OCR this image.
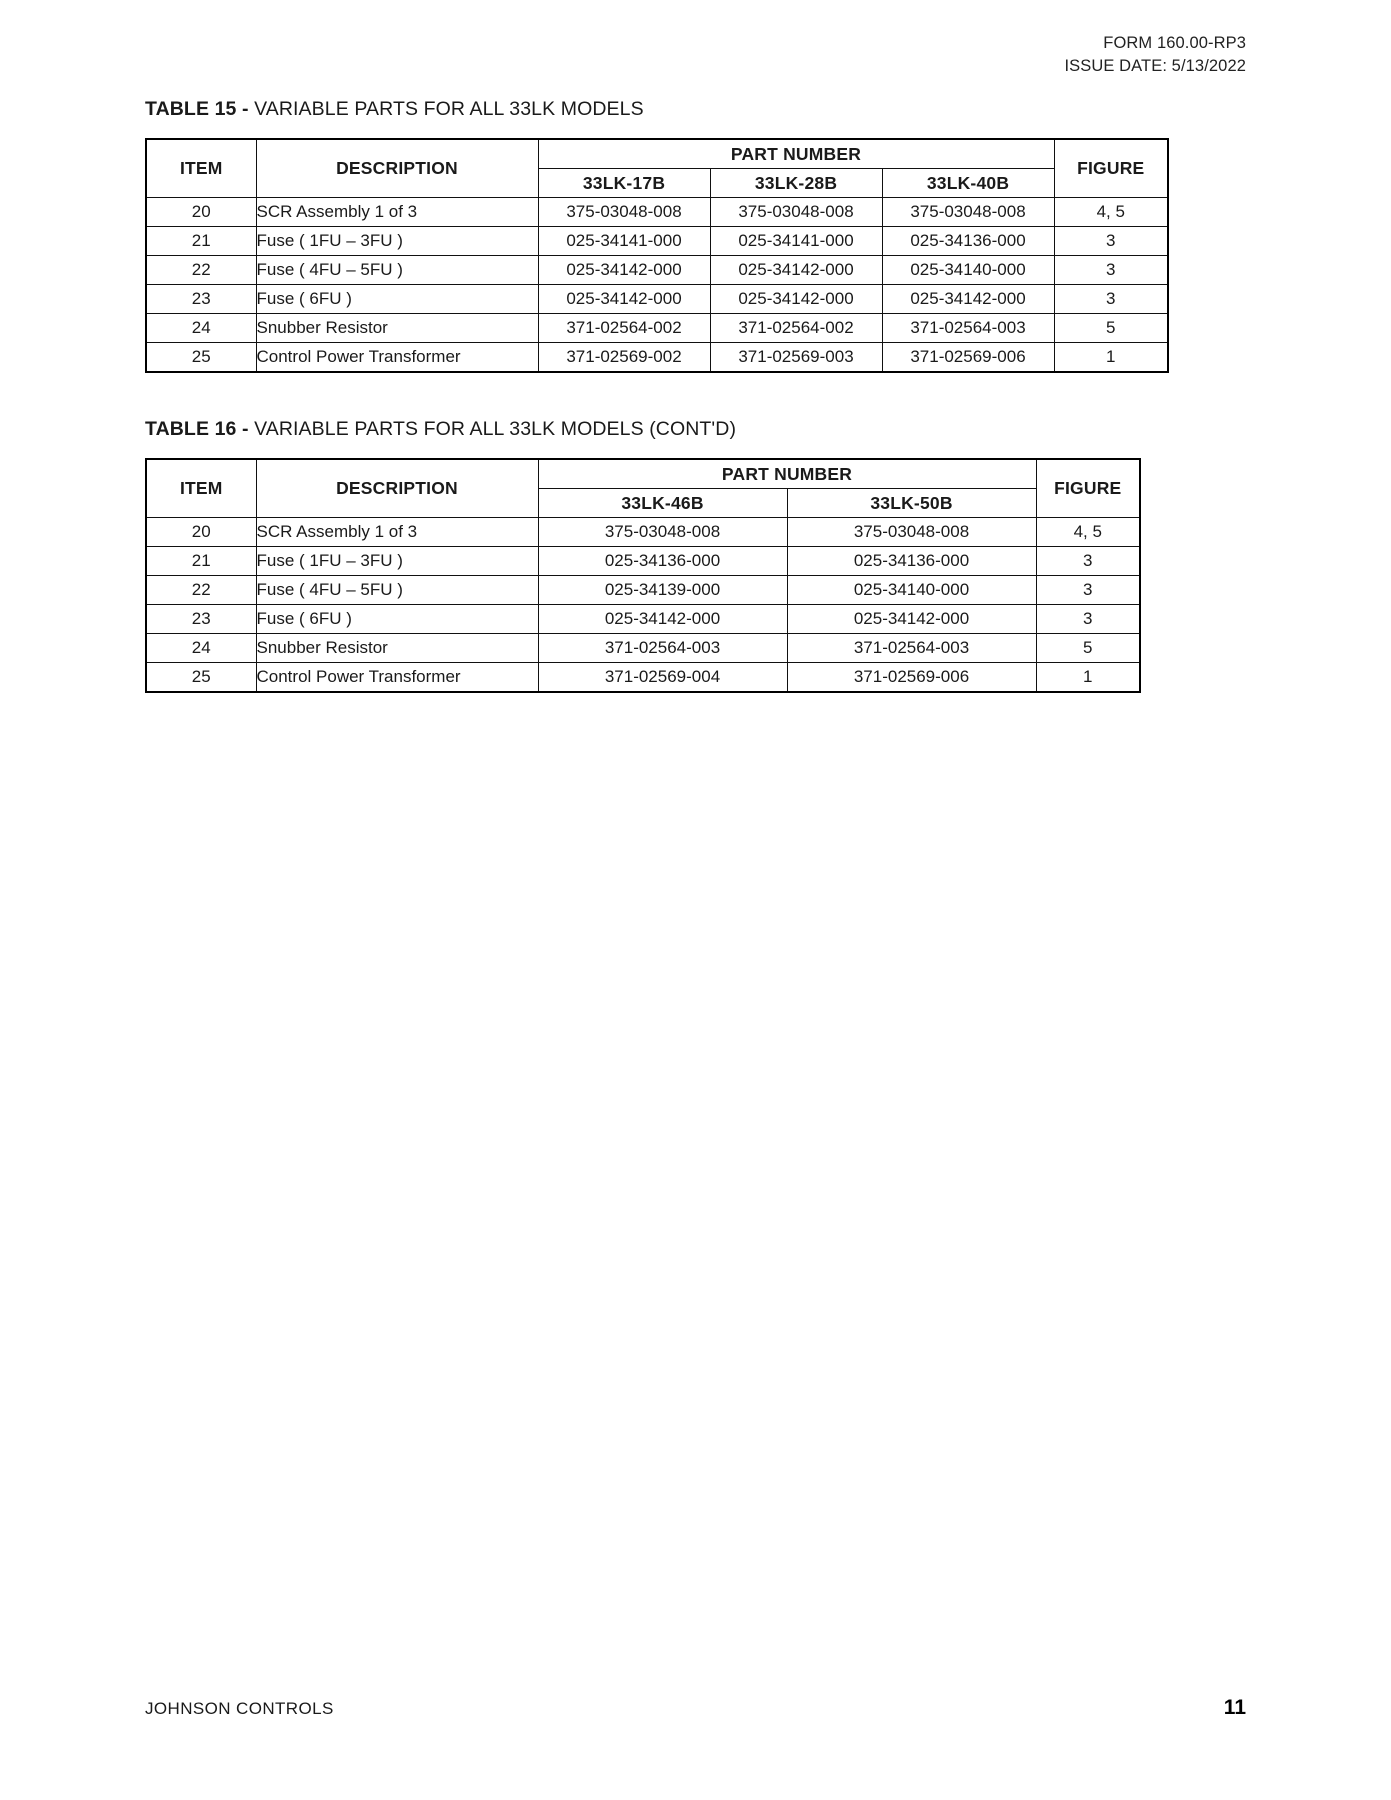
FORM 160.00-RP3
ISSUE DATE: 5/13/2022
TABLE 15 - VARIABLE PARTS FOR ALL 33LK MODELS
ITEM	DESCRIPTION	PART NUMBER			FIGURE
		33LK-17B	33LK-28B	33LK-40B	
20	SCR Assembly 1 of 3	375-03048-008	375-03048-008	375-03048-008	4, 5
21	Fuse ( 1FU – 3FU )	025-34141-000	025-34141-000	025-34136-000	3
22	Fuse ( 4FU – 5FU )	025-34142-000	025-34142-000	025-34140-000	3
23	Fuse ( 6FU )	025-34142-000	025-34142-000	025-34142-000	3
24	Snubber Resistor	371-02564-002	371-02564-002	371-02564-003	5
25	Control Power Transformer	371-02569-002	371-02569-003	371-02569-006	1
TABLE 16 - VARIABLE PARTS FOR ALL 33LK MODELS (CONT'D)
ITEM	DESCRIPTION	PART NUMBER		FIGURE
		33LK-46B	33LK-50B	
20	SCR Assembly 1 of 3	375-03048-008	375-03048-008	4, 5
21	Fuse ( 1FU – 3FU )	025-34136-000	025-34136-000	3
22	Fuse ( 4FU – 5FU )	025-34139-000	025-34140-000	3
23	Fuse ( 6FU )	025-34142-000	025-34142-000	3
24	Snubber Resistor	371-02564-003	371-02564-003	5
25	Control Power Transformer	371-02569-004	371-02569-006	1
JOHNSON CONTROLS	11
